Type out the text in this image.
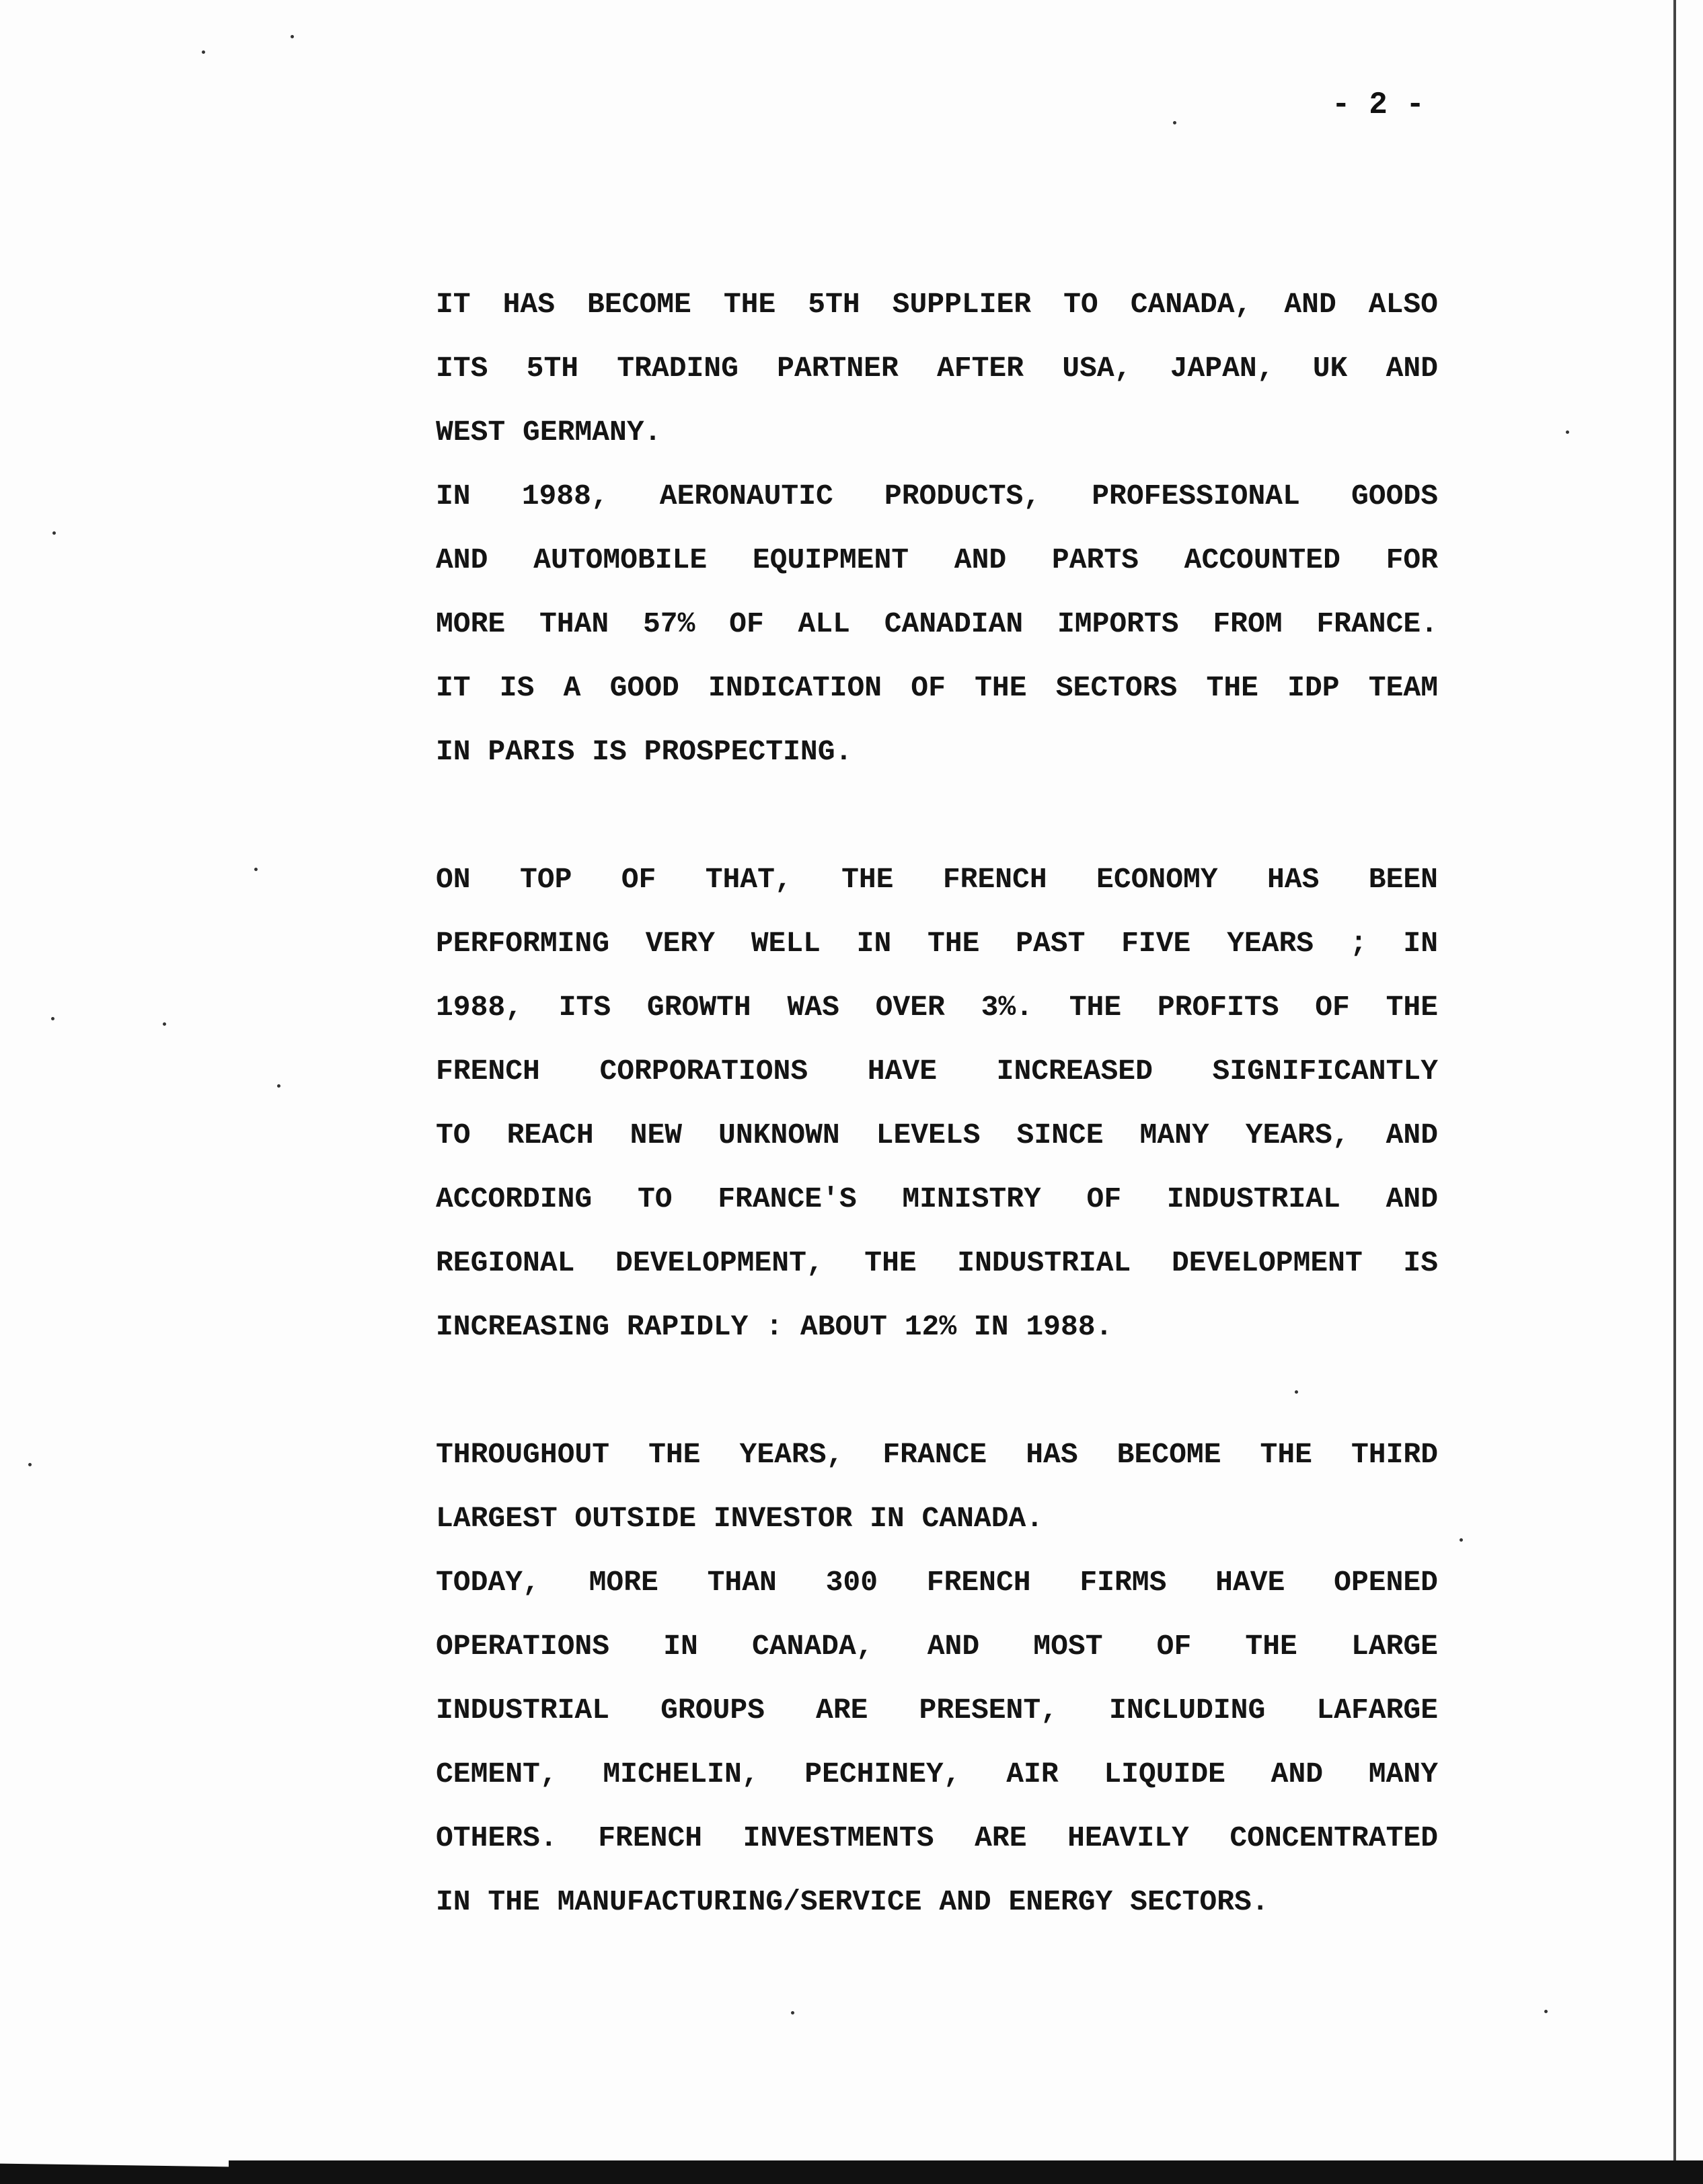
- 2 -
IT HAS BECOME THE 5TH SUPPLIER TO CANADA, AND ALSO
ITS 5TH TRADING PARTNER AFTER USA, JAPAN, UK AND
WEST GERMANY.
IN 1988, AERONAUTIC PRODUCTS, PROFESSIONAL GOODS
AND AUTOMOBILE EQUIPMENT AND PARTS ACCOUNTED FOR
MORE THAN 57% OF ALL CANADIAN IMPORTS FROM FRANCE.
IT IS A GOOD INDICATION OF THE SECTORS THE IDP TEAM
IN PARIS IS PROSPECTING.
ON TOP OF THAT, THE FRENCH ECONOMY HAS BEEN
PERFORMING VERY WELL IN THE PAST FIVE YEARS ; IN
1988, ITS GROWTH WAS OVER 3%. THE PROFITS OF THE
FRENCH CORPORATIONS HAVE INCREASED SIGNIFICANTLY
TO REACH NEW UNKNOWN LEVELS SINCE MANY YEARS, AND
ACCORDING TO FRANCE'S MINISTRY OF INDUSTRIAL AND
REGIONAL DEVELOPMENT, THE INDUSTRIAL DEVELOPMENT IS
INCREASING RAPIDLY : ABOUT 12% IN 1988.
THROUGHOUT THE YEARS, FRANCE HAS BECOME THE THIRD
LARGEST OUTSIDE INVESTOR IN CANADA.
TODAY, MORE THAN 300 FRENCH FIRMS HAVE OPENED
OPERATIONS IN CANADA, AND MOST OF THE LARGE
INDUSTRIAL GROUPS ARE PRESENT, INCLUDING LAFARGE
CEMENT, MICHELIN, PECHINEY, AIR LIQUIDE AND MANY
OTHERS. FRENCH INVESTMENTS ARE HEAVILY CONCENTRATED
IN THE MANUFACTURING/SERVICE AND ENERGY SECTORS.
